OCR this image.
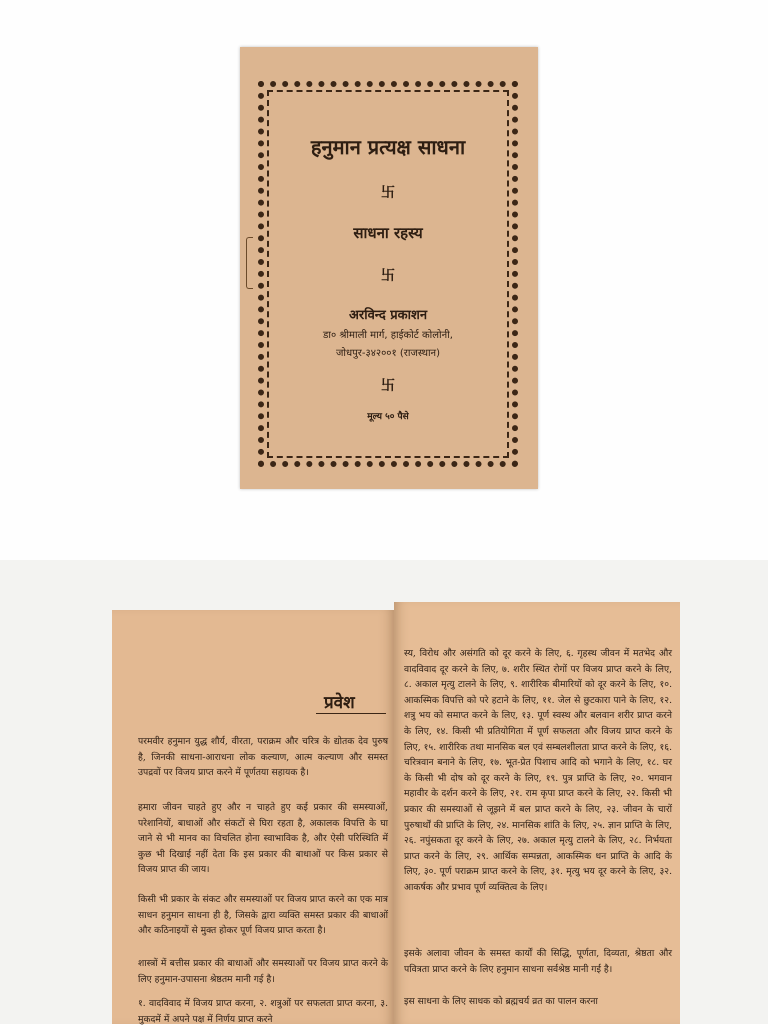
हनुमान प्रत्यक्ष साधना
卐
साधना रहस्य
卐
अरविन्द प्रकाशन
डा० श्रीमाली मार्ग, हाईकोर्ट कोलोनी,
जोधपुर-३४२००१ (राजस्थान)
卐
मूल्य ५० पैसे
प्रवेश

परमवीर हनुमान युद्ध शौर्य, वीरता, पराक्रम और चरित्र के द्योतक देव पुरुष है, जिनकी साधना-आराधना लोक कल्याण, आत्म कल्याण और समस्त उपद्रवों पर विजय प्राप्त करने में पूर्णतया सहायक है।

हमारा जीवन चाहते हुए और न चाहते हुए कई प्रकार की समस्याओं, परेशानियों, बाधाओं और संकटों से घिरा रहता है, अकालक विपत्ति के घा जाने से भी मानव का विचलित होना स्वाभाविक है, और ऐसी परिस्थिति में कुछ भी दिखाई नहीं देता कि इस प्रकार की बाधाओं पर किस प्रकार से विजय प्राप्त की जाय।

किसी भी प्रकार के संकट और समस्याओं पर विजय प्राप्त करने का एक मात्र साधन हनुमान साधना ही है, जिसके द्वारा व्यक्ति समस्त प्रकार की बाधाओं और कठिनाइयों से मुक्त होकर पूर्ण विजय प्राप्त करता है।

शास्त्रों में बत्तीस प्रकार की बाधाओं और समस्याओं पर विजय प्राप्त करने के लिए हनुमान-उपासना श्रेष्ठतम मानी गई है।

१. वादविवाद में विजय प्राप्त करना, २. शत्रुओं पर सफलता प्राप्त करना, ३. मुकदमें में अपने पक्ष में निर्णय प्राप्त करने

स्य, विरोध और असंगति को दूर करने के लिए, ६. गृहस्थ जीवन में मतभेद और वादविवाद दूर करने के लिए, ७. शरीर स्थित रोगों पर विजय प्राप्त करने के लिए, ८. अकाल मृत्यु टालने के लिए, ९. शारीरिक बीमारियों को दूर करने के लिए, १०. आकस्मिक विपत्ति को परे हटाने के लिए, ११. जेल से छुटकारा पाने के लिए, १२. शत्रु भय को समाप्त करने के लिए, १३. पूर्ण स्वस्थ और बलवान शरीर प्राप्त करने के लिए, १४. किसी भी प्रतियोगिता में पूर्ण सफलता और विजय प्राप्त करने के लिए, १५. शारीरिक तथा मानसिक बल एवं सम्बलशीलता प्राप्त करने के लिए, १६. चरित्रवान बनाने के लिए, १७. भूत-प्रेत पिशाच आदि को भगाने के लिए, १८. घर के किसी भी दोष को दूर करने के लिए, १९. पुत्र प्राप्ति के लिए, २०. भगवान महावीर के दर्शन करने के लिए, २१. राम कृपा प्राप्त करने के लिए, २२. किसी भी प्रकार की समस्याओं से जूझने में बल प्राप्त करने के लिए, २३. जीवन के चारों पुरुषार्थों की प्राप्ति के लिए, २४. मानसिक शांति के लिए, २५. ज्ञान प्राप्ति के लिए, २६. नपुंसकता दूर करने के लिए, २७. अकाल मृत्यु टालने के लिए, २८. निर्भयता प्राप्त करने के लिए, २९. आर्थिक सम्पन्नता, आकस्मिक धन प्राप्ति के आदि के लिए, ३०. पूर्ण पराक्रम प्राप्त करने के लिए, ३१. मृत्यु भय दूर करने के लिए, ३२. आकर्षक और प्रभाव पूर्ण व्यक्तित्व के लिए।

इसके अलावा जीवन के समस्त कार्यों की सिद्धि, पूर्णता, दिव्यता, श्रेष्ठता और पवित्रता प्राप्त करने के लिए हनुमान साधना सर्वश्रेष्ठ मानी गई है।

इस साधना के लिए साधक को ब्रह्मचर्य व्रत का पालन करना
